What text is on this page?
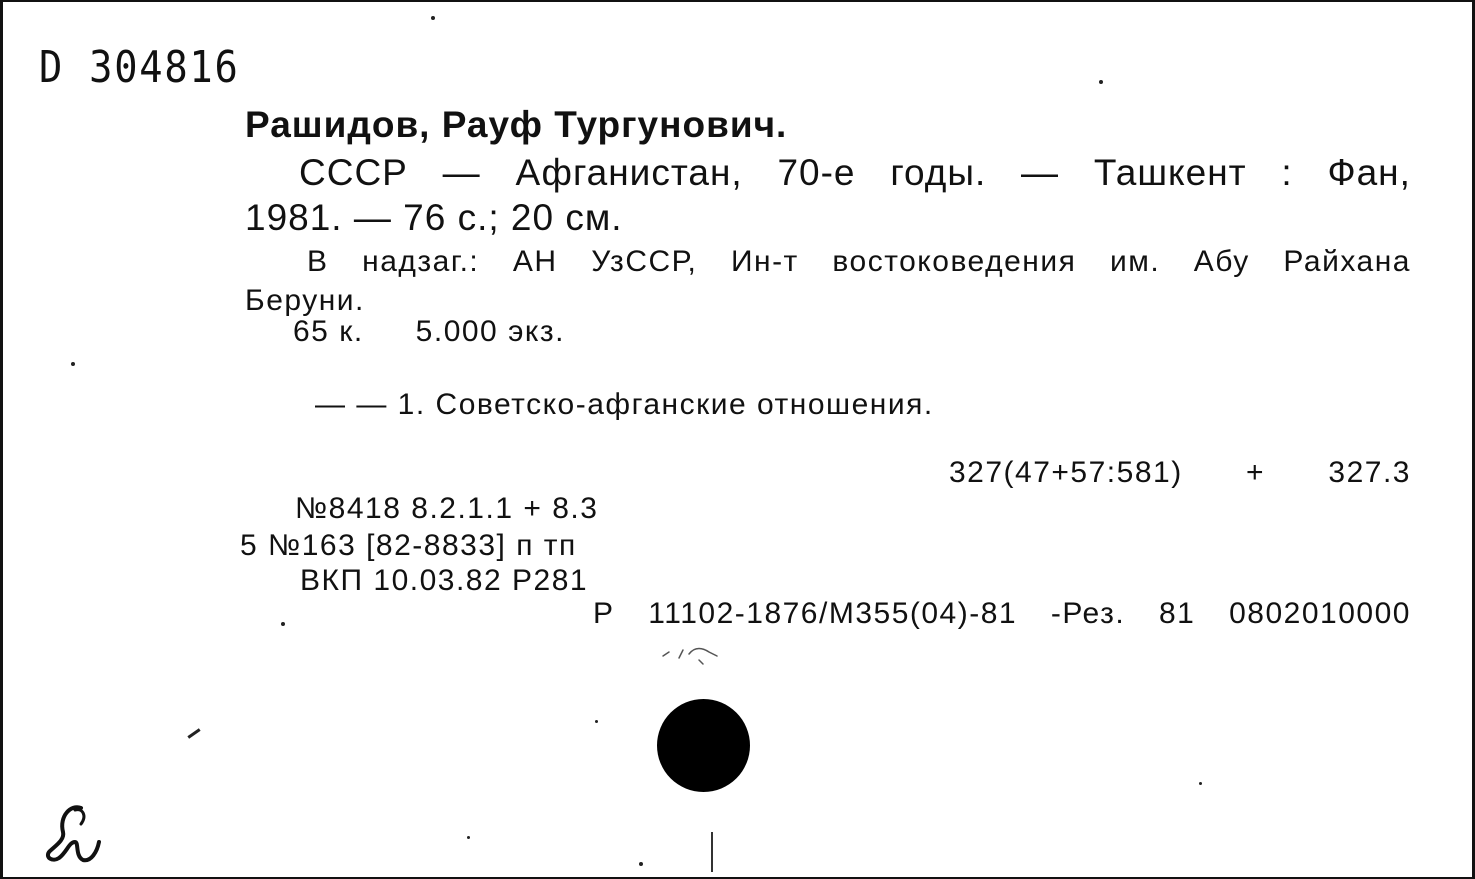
D 304816
Рашидов, Рауф Тургунович.
СССР — Афганистан, 70-е годы. — Ташкент : Фан,
1981. — 76 с.; 20 см.
В надзаг.: АН УзССР, Ин-т востоковедения им. Абу Райхана
Беруни.
65 к. 5.000 экз.
— — 1. Советско-афганские отношения.
327(47+57:581) + 327.3
№8418 8.2.1.1 + 8.3
5 №163 [82-8833] п тп
ВКП 10.03.82 Р281
Р 11102-1876/М355(04)-81 -Рез. 81 0802010000
